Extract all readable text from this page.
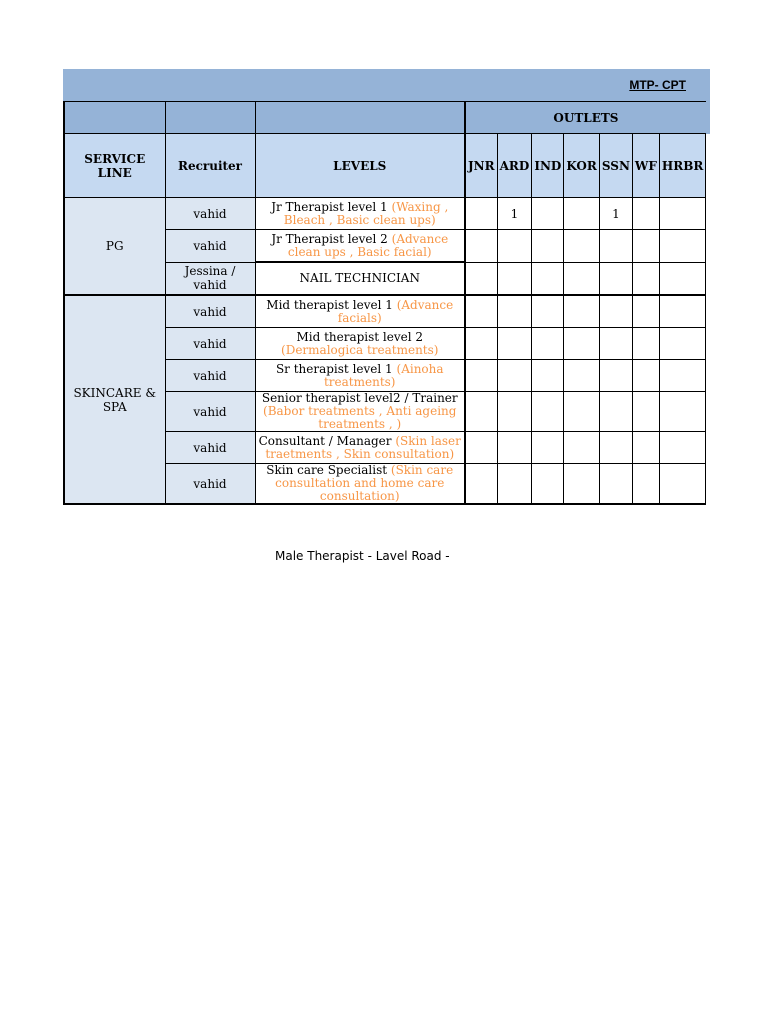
MTP- CPT
			OUTLETS						
SERVICE LINE	Recruiter	LEVELS	JNR	ARD	IND	KOR	SSN	WF	HRBR
PG	vahid	Jr Therapist level 1 (Waxing , Bleach , Basic clean ups)		1			1		
	vahid	Jr Therapist level 2 (Advance clean ups , Basic facial)							
	Jessina / vahid	NAIL TECHNICIAN							
SKINCARE & SPA	vahid	Mid therapist level 1 (Advance facials)							
	vahid	Mid therapist level 2 (Dermalogica treatments)							
	vahid	Sr therapist level 1 (Ainoha treatments)							
	vahid	Senior therapist level2 / Trainer (Babor treatments , Anti ageing treatments , )							
	vahid	Consultant / Manager (Skin laser traetments , Skin consultation)							
	vahid	Skin care Specialist (Skin care consultation and home care consultation)							
Male Therapist - Lavel Road -
